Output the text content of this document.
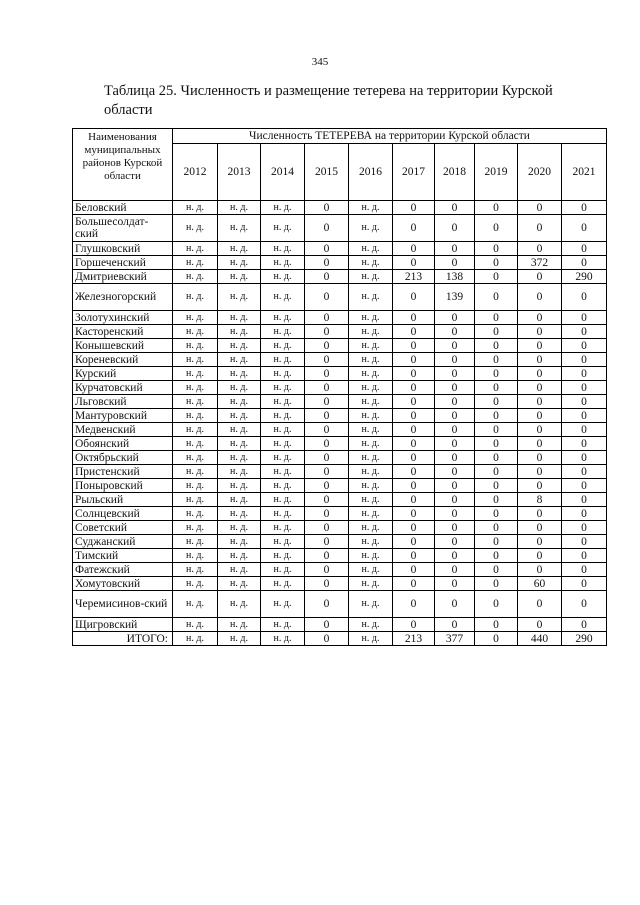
345
Таблица 25. Численность и размещение тетерева на территории Курской области
Наименования муниципальных районов Курской области	Численность ТЕТЕРЕВА на территории Курской области									
	2012	2013	2014	2015	2016	2017	2018	2019	2020	2021
Беловский	н. д.	н. д.	н. д.	0	н. д.	0	0	0	0	0
Большесолдат-ский	н. д.	н. д.	н. д.	0	н. д.	0	0	0	0	0
Глушковский	н. д.	н. д.	н. д.	0	н. д.	0	0	0	0	0
Горшеченский	н. д.	н. д.	н. д.	0	н. д.	0	0	0	372	0
Дмитриевский	н. д.	н. д.	н. д.	0	н. д.	213	138	0	0	290
Железногорский	н. д.	н. д.	н. д.	0	н. д.	0	139	0	0	0
Золотухинский	н. д.	н. д.	н. д.	0	н. д.	0	0	0	0	0
Касторенский	н. д.	н. д.	н. д.	0	н. д.	0	0	0	0	0
Конышевский	н. д.	н. д.	н. д.	0	н. д.	0	0	0	0	0
Кореневский	н. д.	н. д.	н. д.	0	н. д.	0	0	0	0	0
Курский	н. д.	н. д.	н. д.	0	н. д.	0	0	0	0	0
Курчатовский	н. д.	н. д.	н. д.	0	н. д.	0	0	0	0	0
Льговский	н. д.	н. д.	н. д.	0	н. д.	0	0	0	0	0
Мантуровский	н. д.	н. д.	н. д.	0	н. д.	0	0	0	0	0
Медвенский	н. д.	н. д.	н. д.	0	н. д.	0	0	0	0	0
Обоянский	н. д.	н. д.	н. д.	0	н. д.	0	0	0	0	0
Октябрьский	н. д.	н. д.	н. д.	0	н. д.	0	0	0	0	0
Пристенский	н. д.	н. д.	н. д.	0	н. д.	0	0	0	0	0
Поныровский	н. д.	н. д.	н. д.	0	н. д.	0	0	0	0	0
Рыльский	н. д.	н. д.	н. д.	0	н. д.	0	0	0	8	0
Солнцевский	н. д.	н. д.	н. д.	0	н. д.	0	0	0	0	0
Советский	н. д.	н. д.	н. д.	0	н. д.	0	0	0	0	0
Суджанский	н. д.	н. д.	н. д.	0	н. д.	0	0	0	0	0
Тимский	н. д.	н. д.	н. д.	0	н. д.	0	0	0	0	0
Фатежский	н. д.	н. д.	н. д.	0	н. д.	0	0	0	0	0
Хомутовский	н. д.	н. д.	н. д.	0	н. д.	0	0	0	60	0
Черемисинов-ский	н. д.	н. д.	н. д.	0	н. д.	0	0	0	0	0
Щигровский	н. д.	н. д.	н. д.	0	н. д.	0	0	0	0	0
ИТОГО:	н. д.	н. д.	н. д.	0	н. д.	213	377	0	440	290
